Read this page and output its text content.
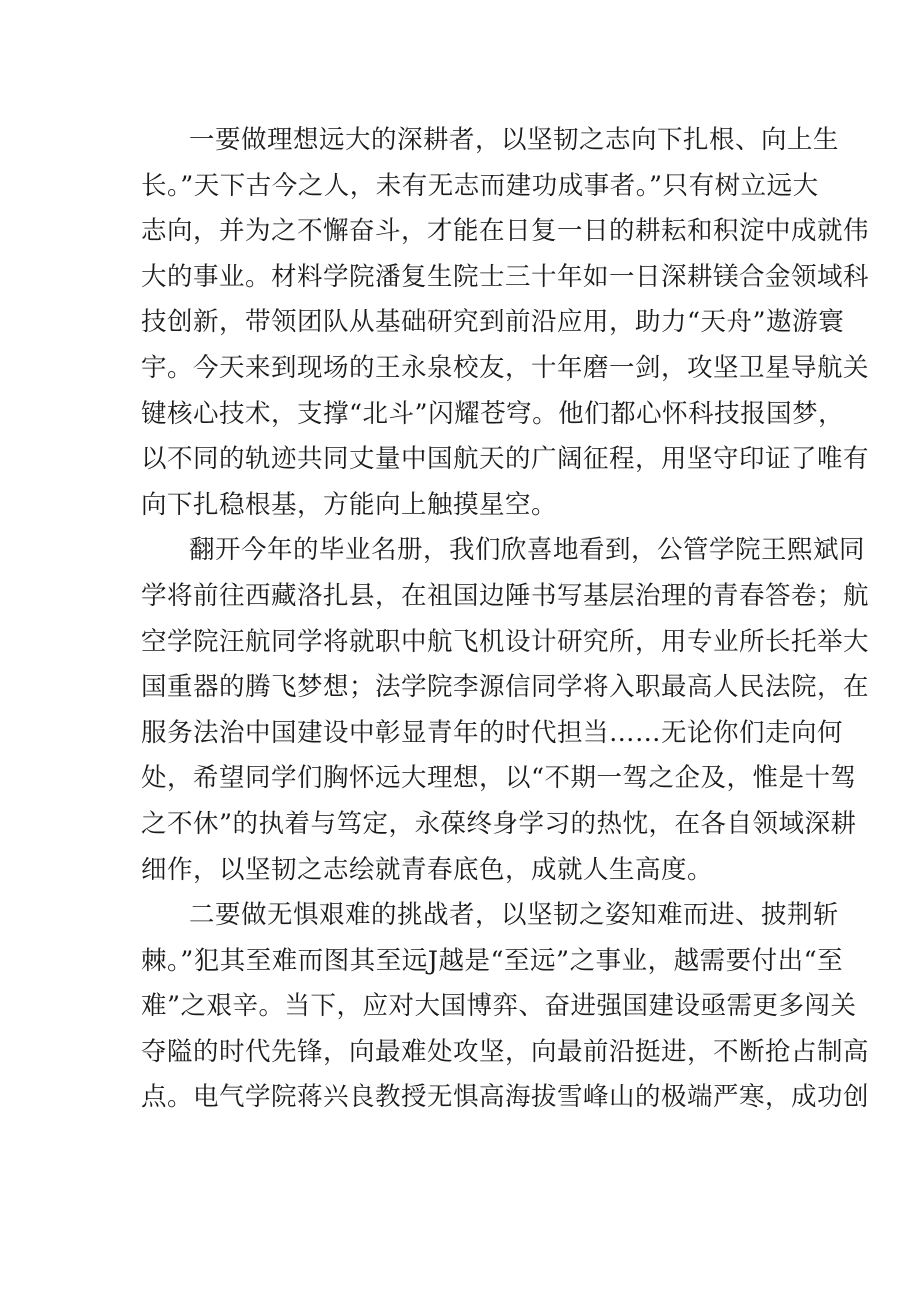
一要做理想远大的深耕者，以坚韧之志向下扎根、向上生
长。”天下古今之人，未有无志而建功成事者。”只有树立远大
志向，并为之不懈奋斗，才能在日复一日的耕耘和积淀中成就伟
大的事业。材料学院潘复生院士三十年如一日深耕镁合金领域科
技创新，带领团队从基础研究到前沿应用，助力“天舟”遨游寰
宇。今天来到现场的王永泉校友，十年磨一剑，攻坚卫星导航关
键核心技术，支撑“北斗”闪耀苍穹。他们都心怀科技报国梦，
以不同的轨迹共同丈量中国航天的广阔征程，用坚守印证了唯有
向下扎稳根基，方能向上触摸星空。

翻开今年的毕业名册，我们欣喜地看到，公管学院王熙斌同
学将前往西藏洛扎县，在祖国边陲书写基层治理的青春答卷；航
空学院汪航同学将就职中航飞机设计研究所，用专业所长托举大
国重器的腾飞梦想；法学院李源信同学将入职最高人民法院，在
服务法治中国建设中彰显青年的时代担当……无论你们走向何
处，希望同学们胸怀远大理想，以“不期一驾之企及，惟是十驾
之不休”的执着与笃定，永葆终身学习的热忱，在各自领域深耕
细作，以坚韧之志绘就青春底色，成就人生高度。

二要做无惧艰难的挑战者，以坚韧之姿知难而进、披荆斩
棘。”犯其至难而图其至远J越是“至远”之事业，越需要付出“至
难”之艰辛。当下，应对大国博弈、奋进强国建设亟需更多闯关
夺隘的时代先锋，向最难处攻坚，向最前沿挺进，不断抢占制高
点。电气学院蒋兴良教授无惧高海拔雪峰山的极端严寒，成功创
